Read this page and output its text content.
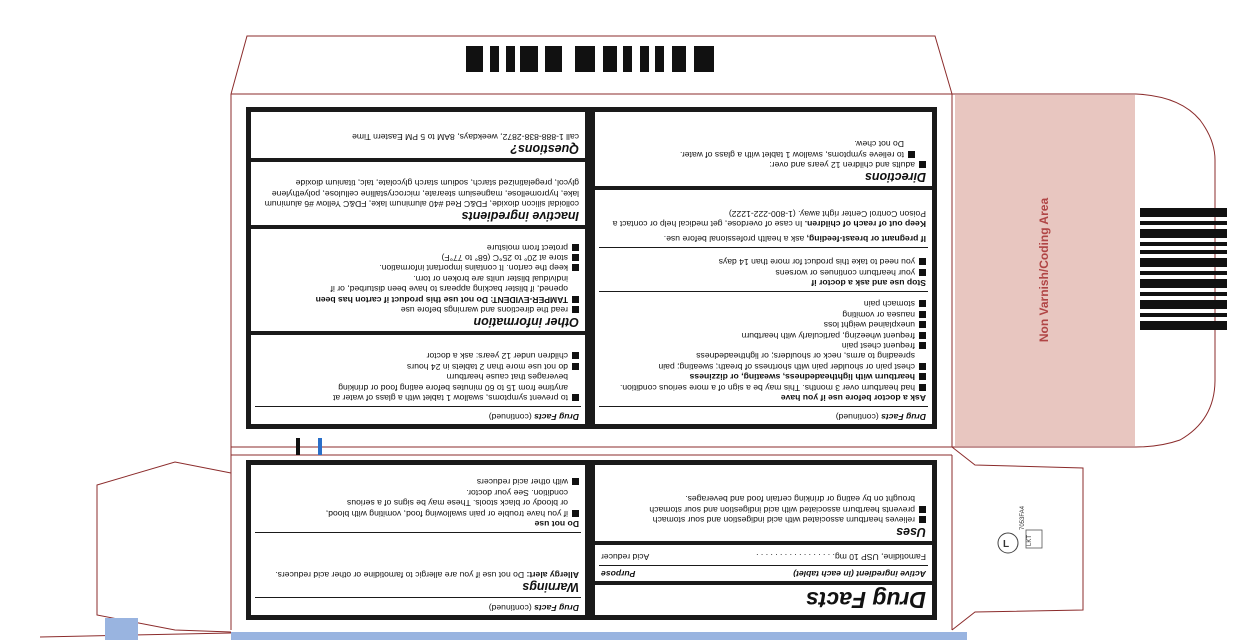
L
Non Varnish/Coding Area
7053FA4
LKT
Drug Facts (continued)
to prevent symptoms, swallow 1 tablet with a glass of water at
anytime from 15 to 60 minutes before eating food or drinking
beverages that cause heartburn
do not use more than 2 tablets in 24 hours
children under 12 years: ask a doctor
Other information
read the directions and warnings before use
TAMPER-EVIDENT: Do not use this product if carton has been
opened, if blister backing appears to have been disturbed, or if
individual blister units are broken or torn.
keep the carton. It contains important information.
store at 20° to 25°C (68° to 77°F)
protect from moisture
Inactive ingredients
colloidal silicon dioxide, FD&C Red #40 aluminum lake, FD&C Yellow #6 aluminum lake, hypromellose, magnesium stearate, microcrystalline cellulose, polyethylene glycol, pregelatinized starch, sodium starch glycolate, talc, titanium dioxide
Questions?
call 1-888-838-2872, weekdays, 8AM to 5 PM Eastern Time
Drug Facts (continued)
Ask a doctor before use if you have
had heartburn over 3 months. This may be a sign of a more serious condition.
heartburn with lightheadedness, sweating, or dizziness
chest pain or shoulder pain with shortness of breath; sweating; pain
spreading to arms, neck or shoulders; or lightheadedness
frequent chest pain
frequent wheezing, particularly with heartburn
unexplained weight loss
nausea or vomiting
stomach pain
Stop use and ask a doctor if
your heartburn continues or worsens
you need to take this product for more than 14 days
If pregnant or breast-feeding, ask a health professional before use.
Keep out of reach of children. In case of overdose, get medical help or contact a Poison Control Center right away. (1-800-222-1222)
Directions
adults and children 12 years and over:
to relieve symptoms, swallow 1 tablet with a glass of water.
Do not chew.
Drug Facts (continued)
Warnings
Allergy alert: Do not use if you are allergic to famotidine or other acid reducers.
Do not use
if you have trouble or pain swallowing food, vomiting with blood,
or bloody or black stools. These may be signs of a serious
condition. See your doctor.
with other acid reducers
Drug Facts
Active ingredient (in each tablet)
Purpose
Famotidine, USP 10 mg. . . . . . . . . . . . . . . . .
Acid reducer
Uses
relieves heartburn associated with acid indigestion and sour stomach
prevents heartburn associated with acid indigestion and sour stomach
brought on by eating or drinking certain food and beverages.
